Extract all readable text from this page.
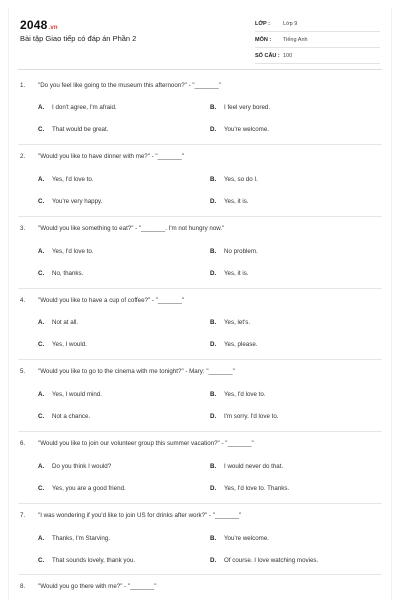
2048.vn
Bài tập Giao tiếp có đáp án Phần 2
LỚP :	Lớp 9
MÔN :	Tiếng Anh
SỐ CÂU : 100
1. "Do you feel like going to the museum this afternoon?" - "_______"
A. I don't agree, I'm afraid.	B. I feel very bored.
C. That would be great.	D. You're welcome.
2. "Would you like to have dinner with me?" - "_______"
A. Yes, I'd love to.	B. Yes, so do I.
C. You're very happy.	D. Yes, it is.
3. "Would you like something to eat?" - "_______. I'm not hungry now."
A. Yes, I'd love to.	B. No problem.
C. No, thanks.	D. Yes, it is.
4. "Would you like to have a cup of coffee?" - "_______"
A. Not at all.	B. Yes, let's.
C. Yes, I would.	D. Yes, please.
5. "Would you like to go to the cinema with me tonight?" - Mary: "_______"
A. Yes, I would mind.	B. Yes, I'd love to.
C. Not a chance.	D. I'm sorry. I'd love to.
6. "Would you like to join our volunteer group this summer vacation?" - "_______"
A. Do you think I would?	B. I would never do that.
C. Yes, you are a good friend.	D. Yes, I'd love to. Thanks.
7. "I was wondering if you'd like to join US for drinks after work?" - "_______"
A. Thanks, I'm Starving.	B. You're welcome.
C. That sounds lovely, thank you.	D. Of course. I love watching movies.
8. "Would you go there with me?" - "_______"
